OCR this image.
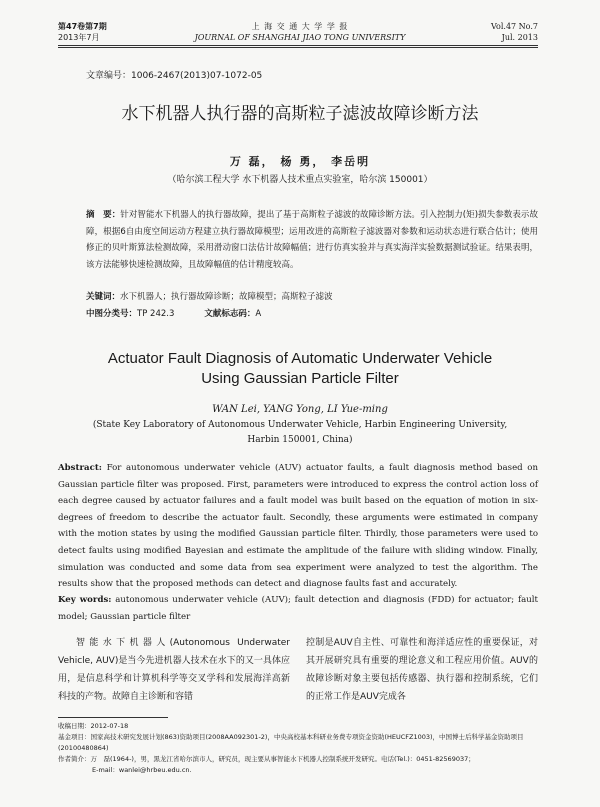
第47卷第7期
2013年7月
上 海 交 通 大 学 学 报
JOURNAL OF SHANGHAI JIAO TONG UNIVERSITY
Vol.47 No.7
Jul. 2013
文章编号：1006-2467(2013)07-1072-05
水下机器人执行器的高斯粒子滤波故障诊断方法
万 磊， 杨 勇， 李岳明
（哈尔滨工程大学 水下机器人技术重点实验室，哈尔滨 150001）
摘　要：针对智能水下机器人的执行器故障，提出了基于高斯粒子滤波的故障诊断方法。引入控制力(矩)损失参数表示故障，根据6自由度空间运动方程建立执行器故障模型；运用改进的高斯粒子滤波器对参数和运动状态进行联合估计；使用修正的贝叶斯算法检测故障，采用滑动窗口法估计故障幅值；进行仿真实验并与真实海洋实验数据测试验证。结果表明，该方法能够快速检测故障，且故障幅值的估计精度较高。
关键词：水下机器人；执行器故障诊断；故障模型；高斯粒子滤波
中图分类号：TP 242.3	文献标志码：A
Actuator Fault Diagnosis of Automatic Underwater Vehicle
Using Gaussian Particle Filter
WAN Lei, YANG Yong, LI Yue-ming
(State Key Laboratory of Autonomous Underwater Vehicle, Harbin Engineering University,
Harbin 150001, China)
Abstract: For autonomous underwater vehicle (AUV) actuator faults, a fault diagnosis method based on Gaussian particle filter was proposed. First, parameters were introduced to express the control action loss of each degree caused by actuator failures and a fault model was built based on the equation of motion in six-degrees of freedom to describe the actuator fault. Secondly, these arguments were estimated in company with the motion states by using the modified Gaussian particle filter. Thirdly, those parameters were used to detect faults using modified Bayesian and estimate the amplitude of the failure with sliding window. Finally, simulation was conducted and some data from sea experiment were analyzed to test the algorithm. The results show that the proposed methods can detect and diagnose faults fast and accurately.
Key words: autonomous underwater vehicle (AUV); fault detection and diagnosis (FDD) for actuator; fault model; Gaussian particle filter
智能水下机器人(Autonomous Underwater Vehicle, AUV)是当今先进机器人技术在水下的又一具体应用，是信息科学和计算机科学等交叉学科和发展海洋高新科技的产物。故障自主诊断和容错
控制是AUV自主性、可靠性和海洋适应性的重要保证，对其开展研究具有重要的理论意义和工程应用价值。AUV的故障诊断对象主要包括传感器、执行器和控制系统，它们的正常工作是AUV完成各
收稿日期：2012-07-18
基金项目：国家高技术研究发展计划(863)资助项目(2008AA092301-2)，中央高校基本科研业务费专项资金资助(HEUCFZ1003)，中国博士后科学基金资助项目(20100480864)
作者简介：万　磊(1964-)，男，黑龙江省哈尔滨市人，研究员，现主要从事智能水下机器人控制系统开发研究。电话(Tel.)：0451-82569037；
E-mail：wanlei@hrbeu.edu.cn.
